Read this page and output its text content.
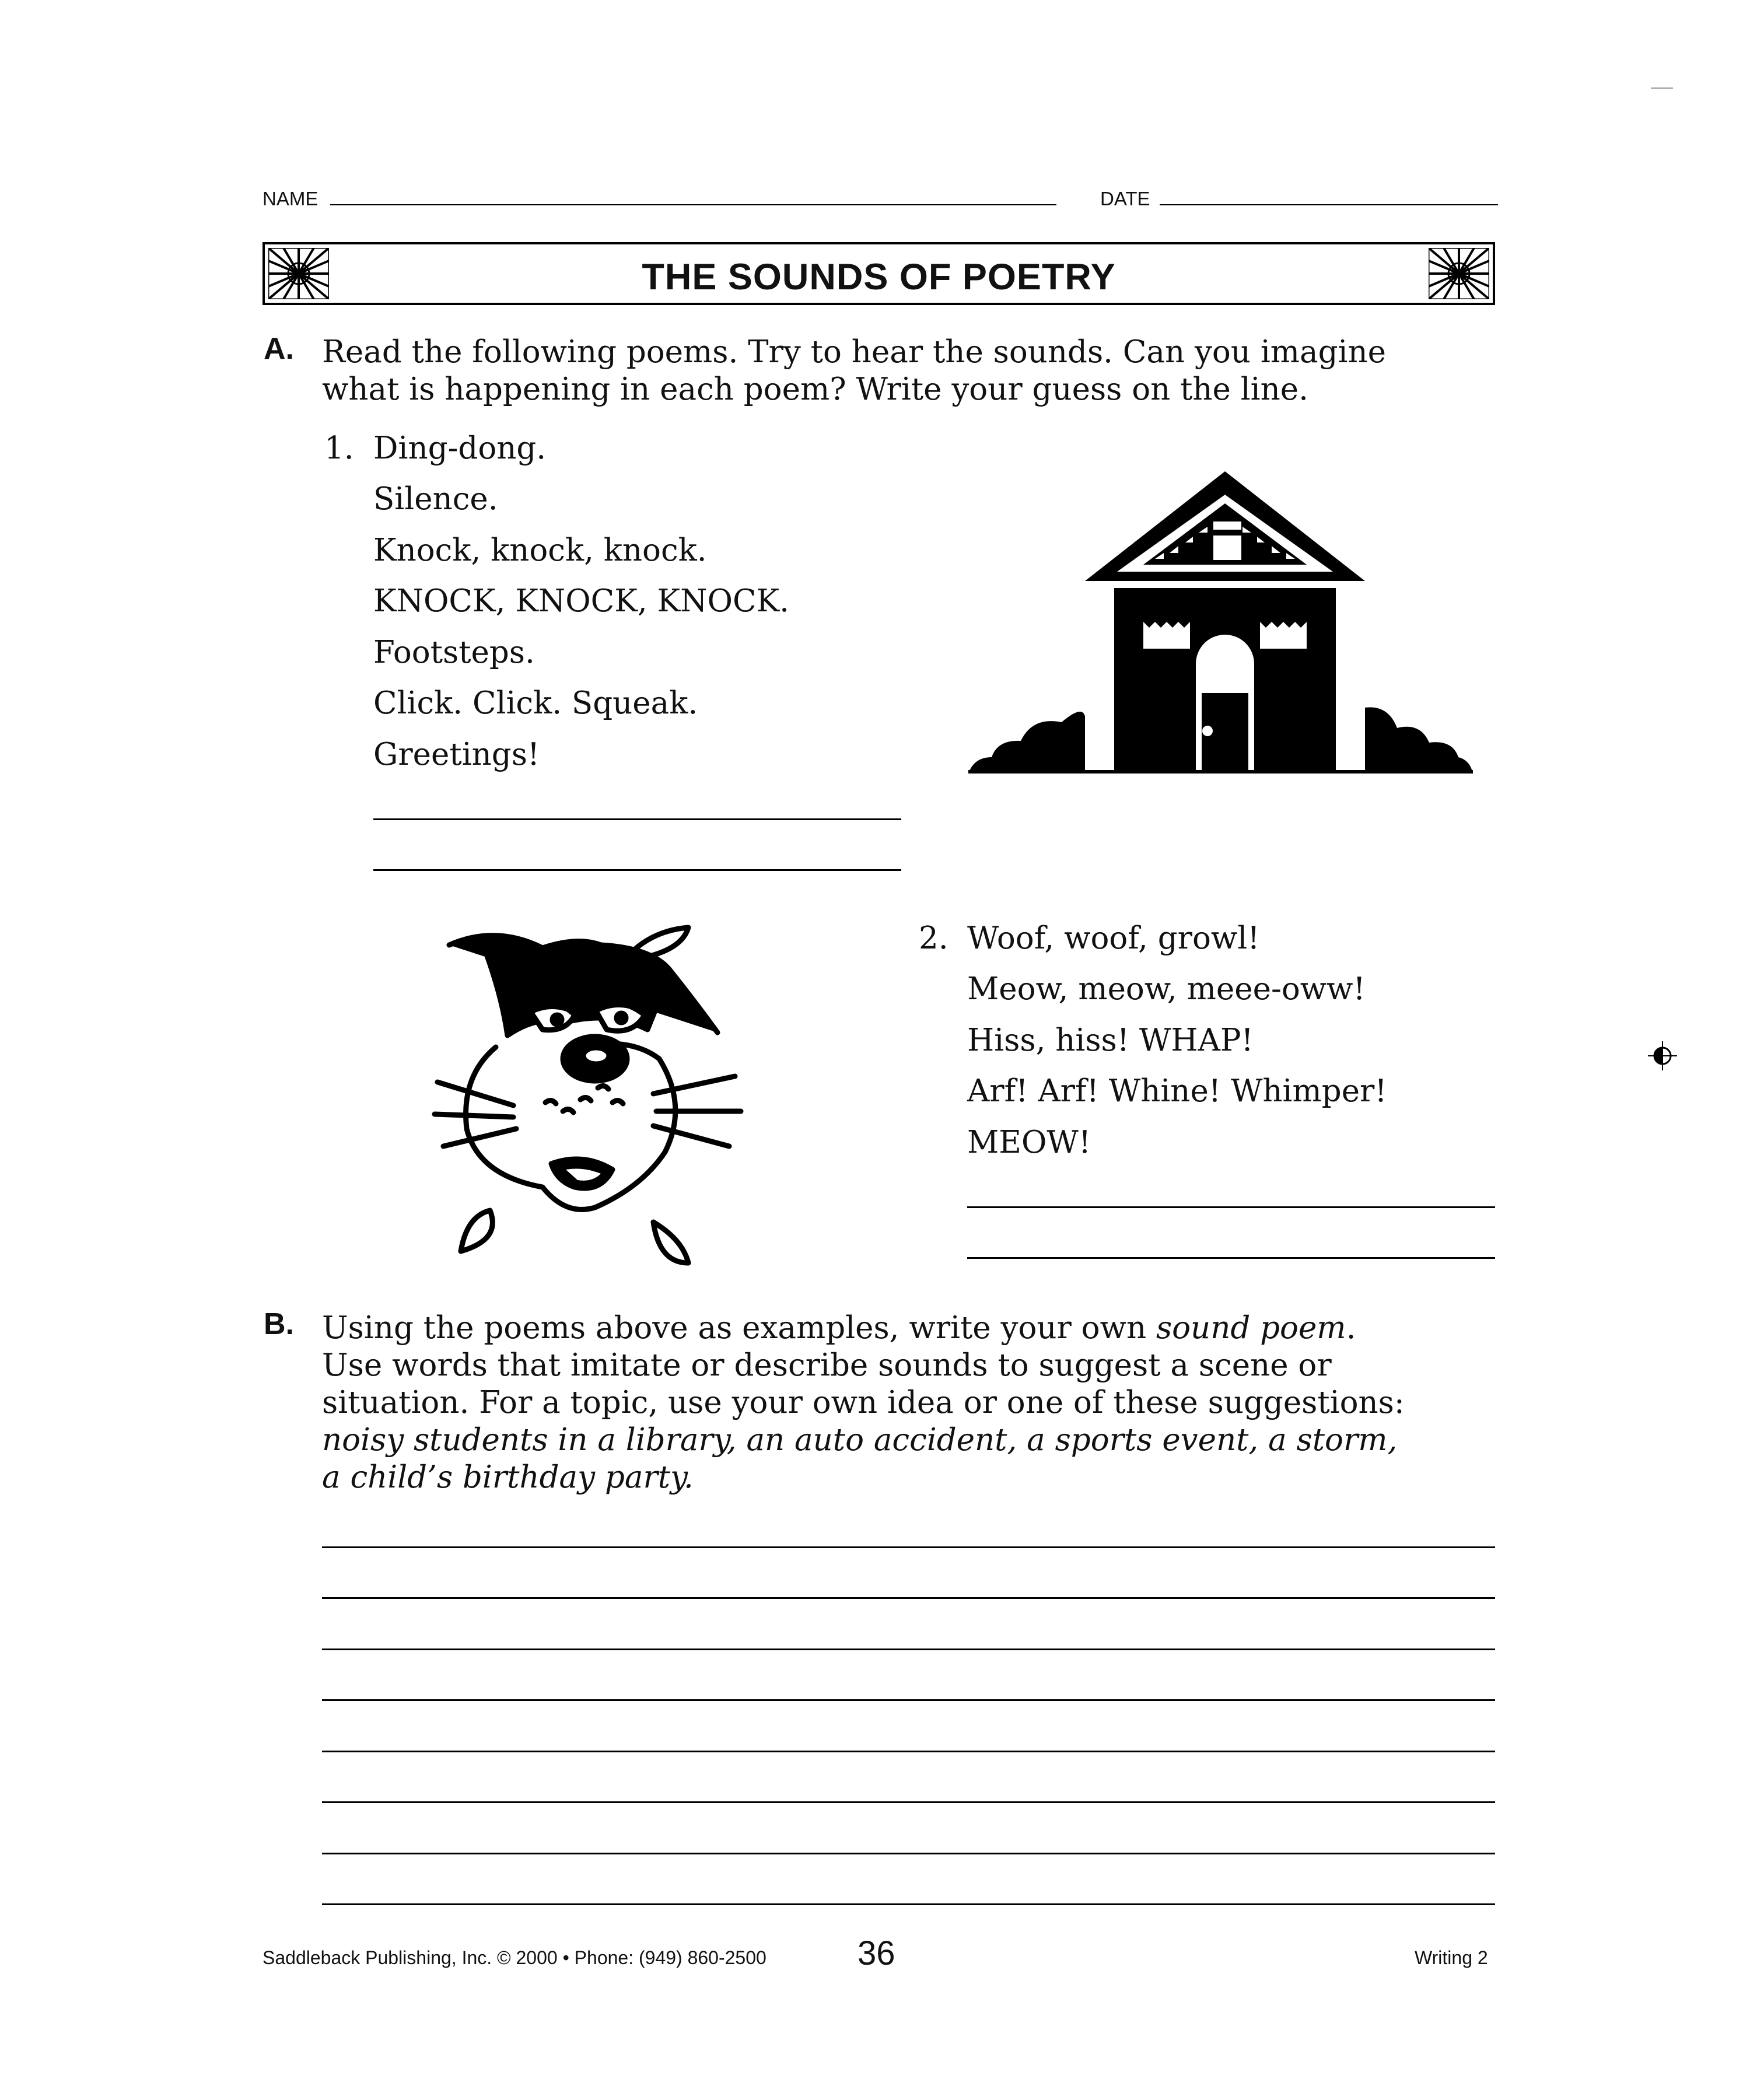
NAME	DATE
THE SOUNDS OF POETRY
A. Read the following poems. Try to hear the sounds. Can you imagine
what is happening in each poem? Write your guess on the line.
1. Ding-dong.
Silence.
Knock, knock, knock.
KNOCK, KNOCK, KNOCK.
Footsteps.
Click. Click. Squeak.
Greetings!
2. Woof, woof, growl!
Meow, meow, meee-oww!
Hiss, hiss! WHAP!
Arf! Arf! Whine! Whimper!
MEOW!
B. Using the poems above as examples, write your own sound poem.
Use words that imitate or describe sounds to suggest a scene or
situation. For a topic, use your own idea or one of these suggestions:
noisy students in a library, an auto accident, a sports event, a storm,
a child’s birthday party.
Saddleback Publishing, Inc. © 2000 • Phone: (949) 860-2500	36	Writing 2
